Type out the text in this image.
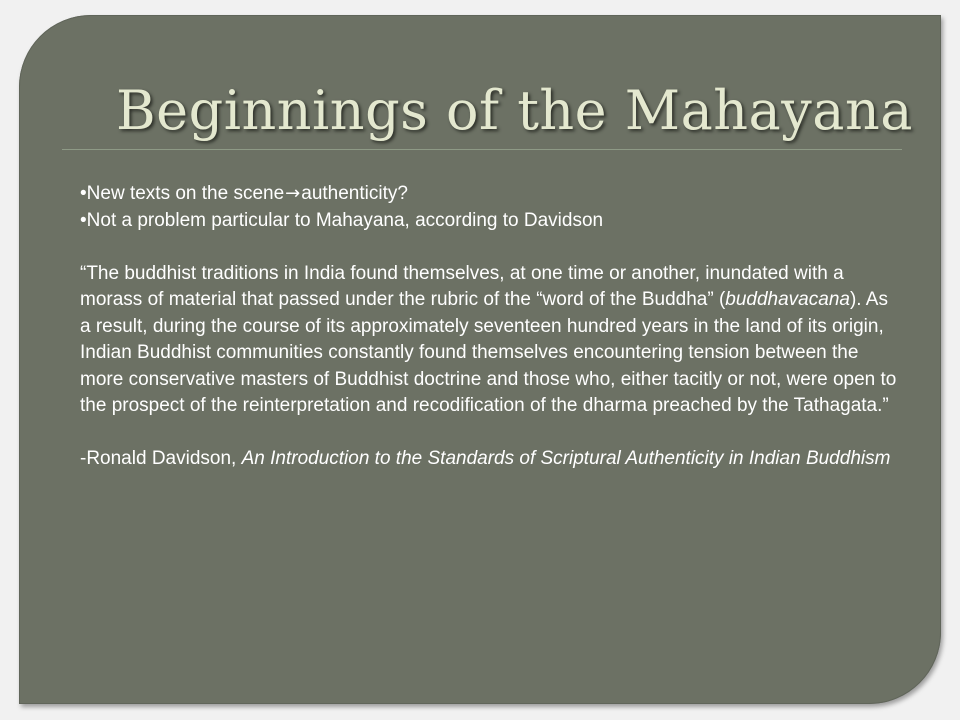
Beginnings of the Mahayana

•New texts on the scene→authenticity?

•Not a problem particular to Mahayana, according to Davidson

“The buddhist traditions in India found themselves, at one time or another, inundated with a morass of material that passed under the rubric of the “word of the Buddha” (buddhavacana). As a result, during the course of its approximately seventeen hundred years in the land of its origin, Indian Buddhist communities constantly found themselves encountering tension between the more conservative masters of Buddhist doctrine and those who, either tacitly or not, were open to the prospect of the reinterpretation and recodification of the dharma preached by the Tathagata.”

-Ronald Davidson, An Introduction to the Standards of Scriptural Authenticity in Indian Buddhism
